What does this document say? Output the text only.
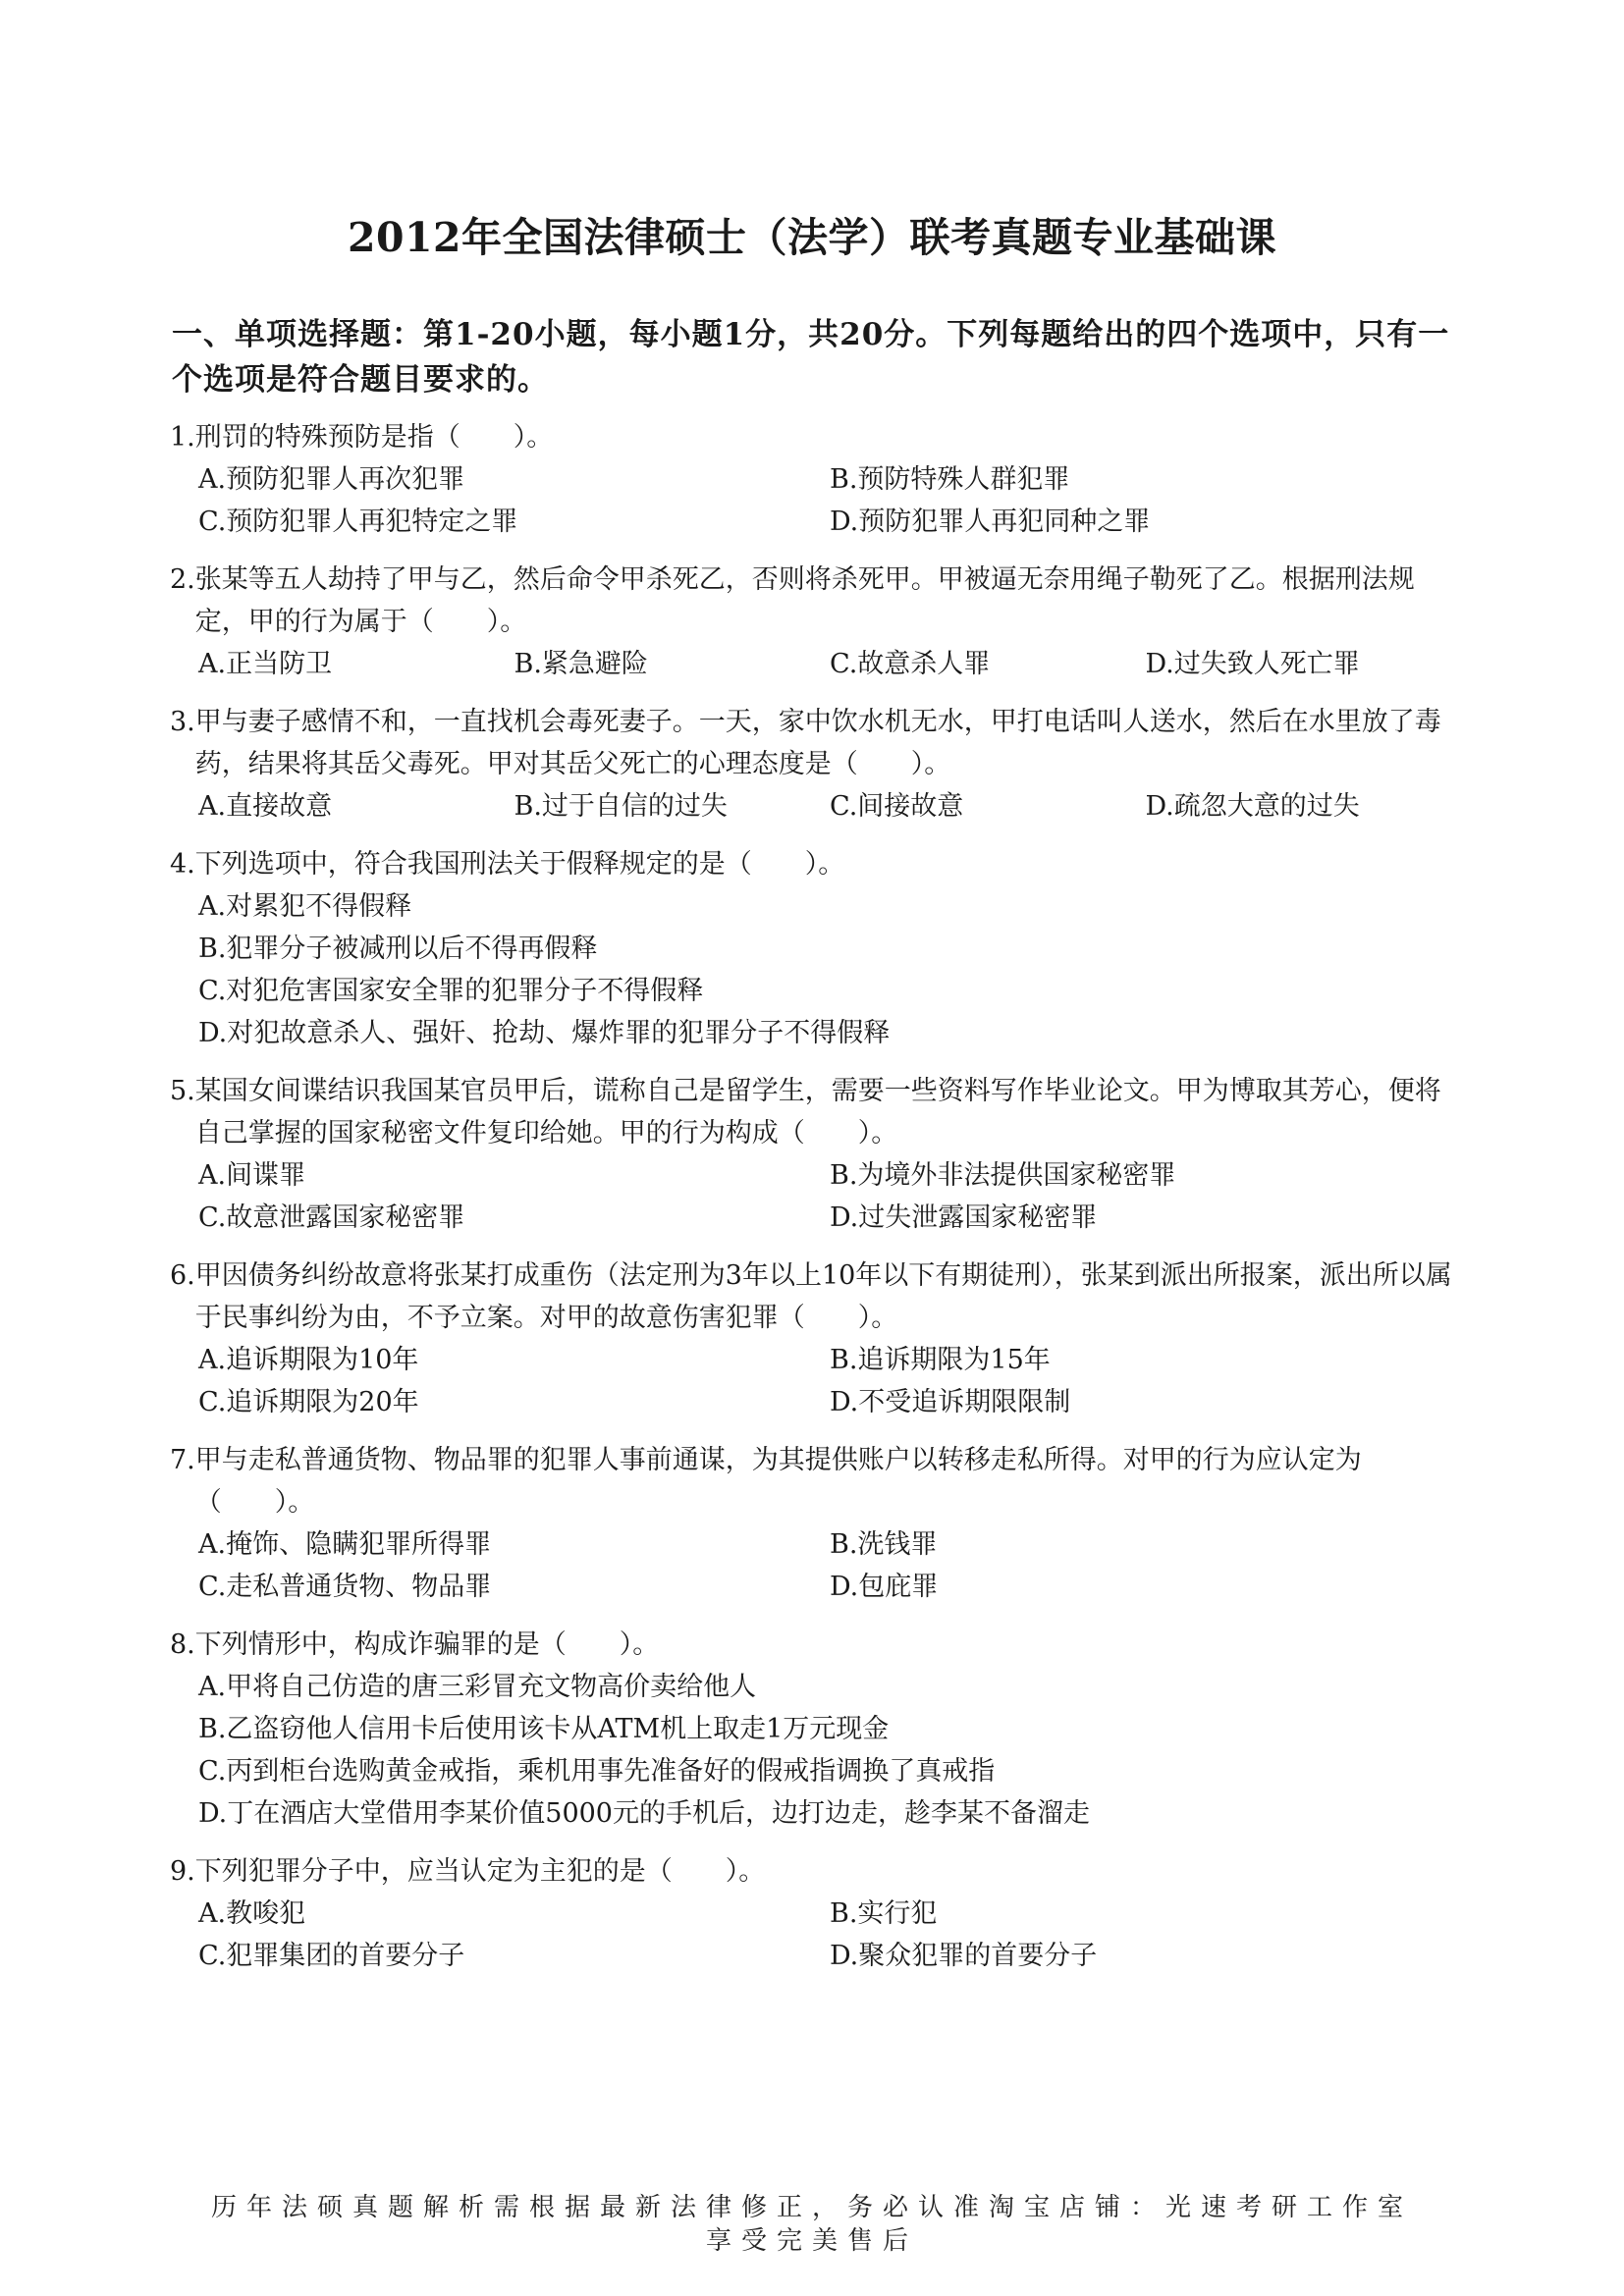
2012年全国法律硕士（法学）联考真题专业基础课
一、单项选择题：第1-20小题，每小题1分，共20分。下列每题给出的四个选项中，只有一个选项是符合题目要求的。
1. 刑罚的特殊预防是指（　　）。
A.预防犯罪人再次犯罪	B.预防特殊人群犯罪
C.预防犯罪人再犯特定之罪	D.预防犯罪人再犯同种之罪
2. 张某等五人劫持了甲与乙，然后命令甲杀死乙，否则将杀死甲。甲被逼无奈用绳子勒死了乙。根据刑法规定，甲的行为属于（　　）。
A.正当防卫	B.紧急避险	C.故意杀人罪	D.过失致人死亡罪
3. 甲与妻子感情不和，一直找机会毒死妻子。一天，家中饮水机无水，甲打电话叫人送水，然后在水里放了毒药，结果将其岳父毒死。甲对其岳父死亡的心理态度是（　　）。
A.直接故意	B.过于自信的过失	C.间接故意	D.疏忽大意的过失
4. 下列选项中，符合我国刑法关于假释规定的是（　　）。
A.对累犯不得假释
B.犯罪分子被减刑以后不得再假释
C.对犯危害国家安全罪的犯罪分子不得假释
D.对犯故意杀人、强奸、抢劫、爆炸罪的犯罪分子不得假释
5. 某国女间谍结识我国某官员甲后，谎称自己是留学生，需要一些资料写作毕业论文。甲为博取其芳心，便将自己掌握的国家秘密文件复印给她。甲的行为构成（　　）。
A.间谍罪	B.为境外非法提供国家秘密罪
C.故意泄露国家秘密罪	D.过失泄露国家秘密罪
6. 甲因债务纠纷故意将张某打成重伤（法定刑为3年以上10年以下有期徒刑），张某到派出所报案，派出所以属于民事纠纷为由，不予立案。对甲的故意伤害犯罪（　　）。
A.追诉期限为10年	B.追诉期限为15年
C.追诉期限为20年	D.不受追诉期限限制
7. 甲与走私普通货物、物品罪的犯罪人事前通谋，为其提供账户以转移走私所得。对甲的行为应认定为（　　）。
A.掩饰、隐瞒犯罪所得罪	B.洗钱罪
C.走私普通货物、物品罪	D.包庇罪
8. 下列情形中，构成诈骗罪的是（　　）。
A.甲将自己仿造的唐三彩冒充文物高价卖给他人
B.乙盗窃他人信用卡后使用该卡从ATM机上取走1万元现金
C.丙到柜台选购黄金戒指，乘机用事先准备好的假戒指调换了真戒指
D.丁在酒店大堂借用李某价值5000元的手机后，边打边走，趁李某不备溜走
9. 下列犯罪分子中，应当认定为主犯的是（　　）。
A.教唆犯	B.实行犯
C.犯罪集团的首要分子	D.聚众犯罪的首要分子
历年法硕真题解析需根据最新法律修正，务必认准淘宝店铺：光速考研工作室
享受完美售后
